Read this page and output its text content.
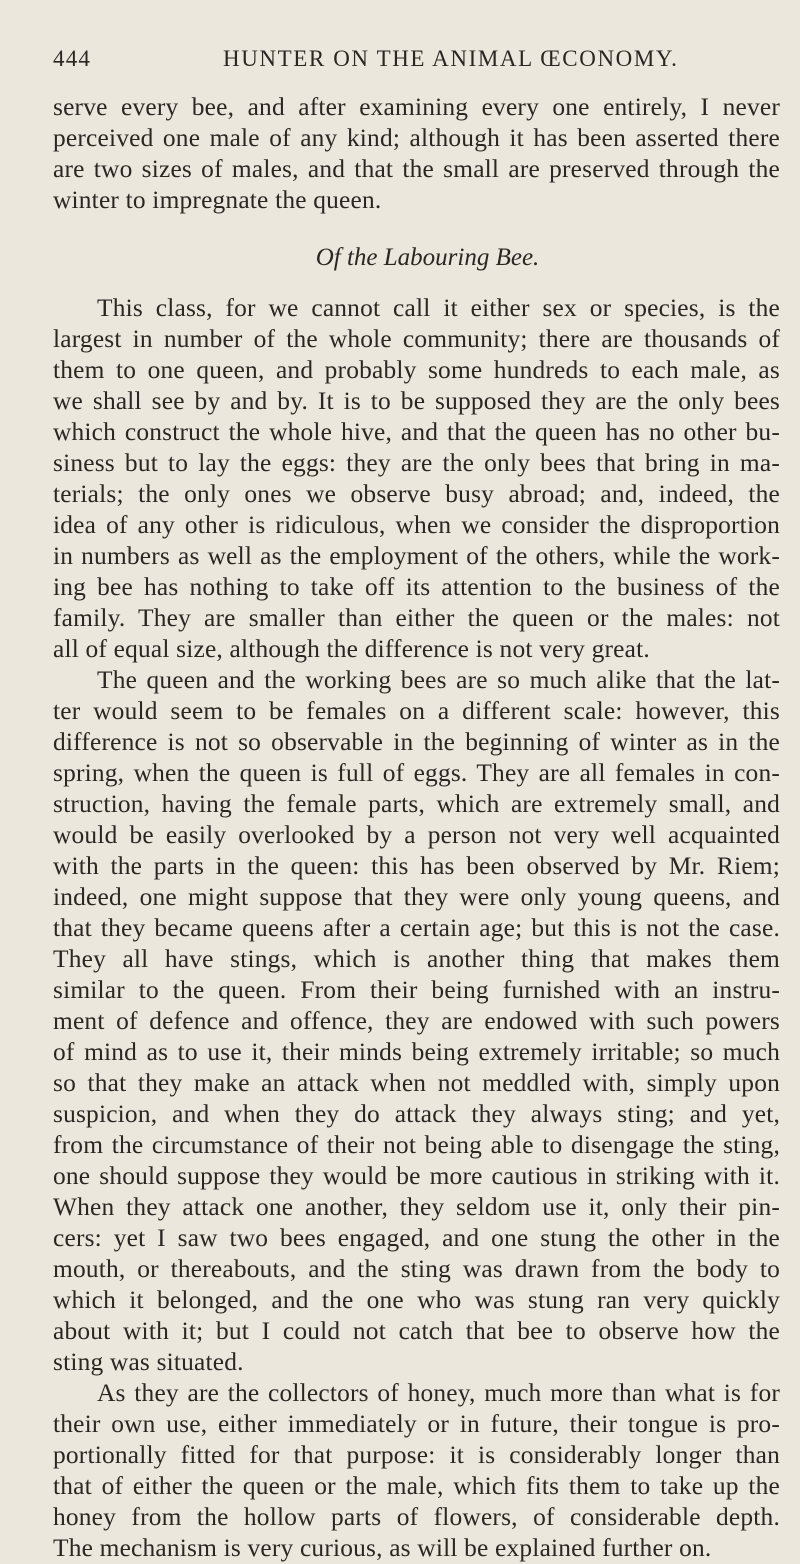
444	HUNTER ON THE ANIMAL ŒCONOMY.
serve every bee, and after examining every one entirely, I never
perceived one male of any kind; although it has been asserted there
are two sizes of males, and that the small are preserved through the
winter to impregnate the queen.
Of the Labouring Bee.
This class, for we cannot call it either sex or species, is the
largest in number of the whole community; there are thousands of
them to one queen, and probably some hundreds to each male, as
we shall see by and by. It is to be supposed they are the only bees
which construct the whole hive, and that the queen has no other bu-
siness but to lay the eggs: they are the only bees that bring in ma-
terials; the only ones we observe busy abroad; and, indeed, the
idea of any other is ridiculous, when we consider the disproportion
in numbers as well as the employment of the others, while the work-
ing bee has nothing to take off its attention to the business of the
family. They are smaller than either the queen or the males: not
all of equal size, although the difference is not very great.
The queen and the working bees are so much alike that the lat-
ter would seem to be females on a different scale: however, this
difference is not so observable in the beginning of winter as in the
spring, when the queen is full of eggs. They are all females in con-
struction, having the female parts, which are extremely small, and
would be easily overlooked by a person not very well acquainted
with the parts in the queen: this has been observed by Mr. Riem;
indeed, one might suppose that they were only young queens, and
that they became queens after a certain age; but this is not the case.
They all have stings, which is another thing that makes them
similar to the queen. From their being furnished with an instru-
ment of defence and offence, they are endowed with such powers
of mind as to use it, their minds being extremely irritable; so much
so that they make an attack when not meddled with, simply upon
suspicion, and when they do attack they always sting; and yet,
from the circumstance of their not being able to disengage the sting,
one should suppose they would be more cautious in striking with it.
When they attack one another, they seldom use it, only their pin-
cers: yet I saw two bees engaged, and one stung the other in the
mouth, or thereabouts, and the sting was drawn from the body to
which it belonged, and the one who was stung ran very quickly
about with it; but I could not catch that bee to observe how the
sting was situated.
As they are the collectors of honey, much more than what is for
their own use, either immediately or in future, their tongue is pro-
portionally fitted for that purpose: it is considerably longer than
that of either the queen or the male, which fits them to take up the
honey from the hollow parts of flowers, of considerable depth.
The mechanism is very curious, as will be explained further on.
